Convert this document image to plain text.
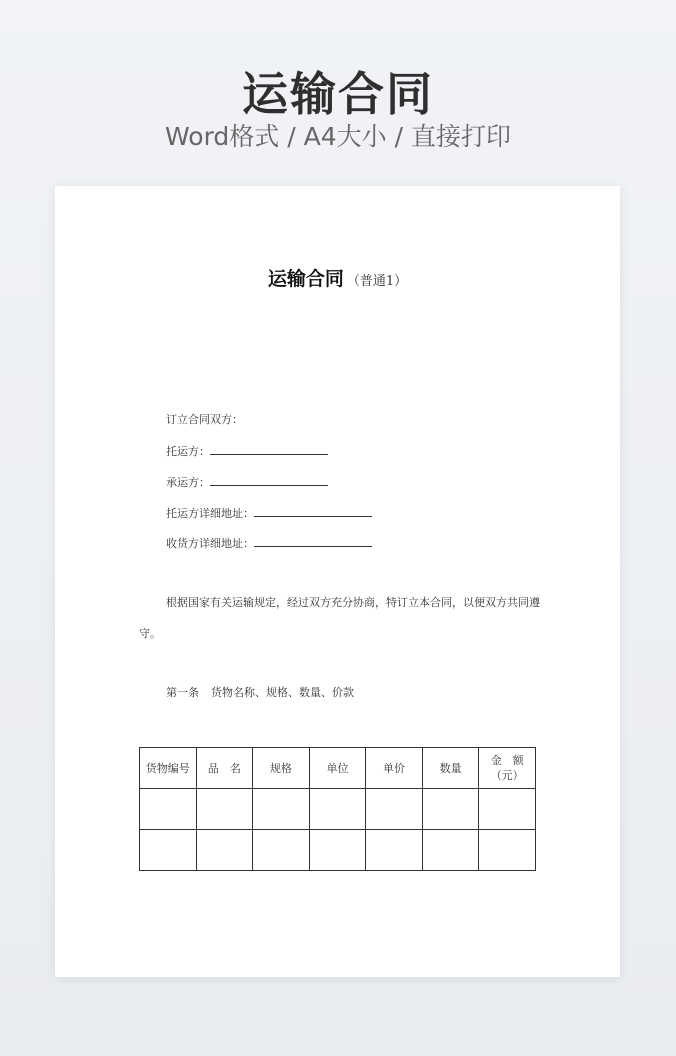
运输合同
Word格式 / A4大小 / 直接打印
运输合同 （普通1）
订立合同双方：
托运方：
承运方：
托运方详细地址：
收货方详细地址：
根据国家有关运输规定，经过双方充分协商，特订立本合同，以便双方共同遵
守。
第一条 货物名称、规格、数量、价款
货物编号	品　名	规格	单位	单价	数量	金　额
（元）
